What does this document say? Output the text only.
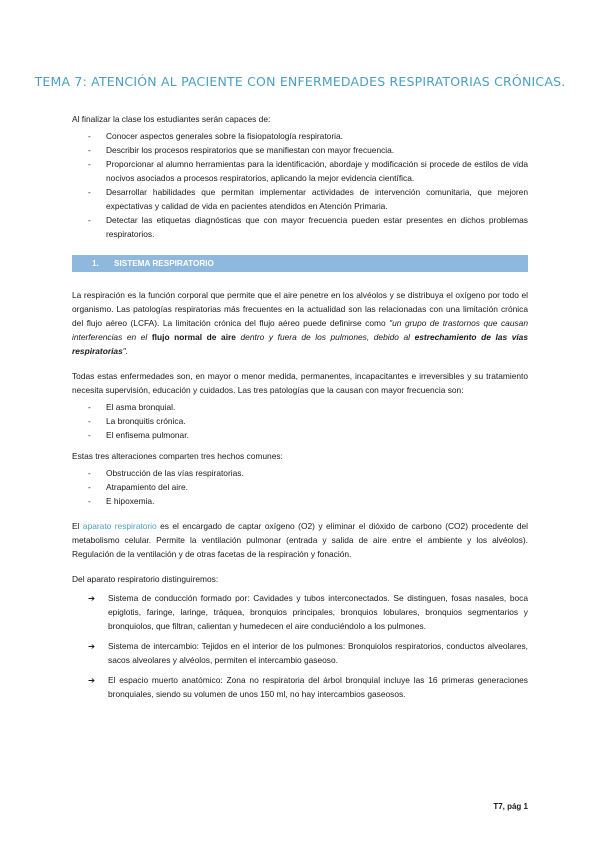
TEMA 7: ATENCIÓN AL PACIENTE CON ENFERMEDADES RESPIRATORIAS CRÓNICAS.

Al finalizar la clase los estudiantes serán capaces de:

- Conocer aspectos generales sobre la fisiopatología respiratoria.
- Describir los procesos respiratorios que se manifiestan con mayor frecuencia.
- Proporcionar al alumno herramientas para la identificación, abordaje y modificación si procede de estilos de vida nocivos asociados a procesos respiratorios, aplicando la mejor evidencia científica.
- Desarrollar habilidades que permitan implementar actividades de intervención comunitaria, que mejoren expectativas y calidad de vida en pacientes atendidos en Atención Primaria.
- Detectar las etiquetas diagnósticas que con mayor frecuencia pueden estar presentes en dichos problemas respiratorios.
1. SISTEMA RESPIRATORIO

La respiración es la función corporal que permite que el aire penetre en los alvéolos y se distribuya el oxígeno por todo el organismo. Las patologías respiratorias más frecuentes en la actualidad son las relacionadas con una limitación crónica del flujo aéreo (LCFA). La limitación crónica del flujo aéreo puede definirse como "un grupo de trastornos que causan interferencias en el flujo normal de aire dentro y fuera de los pulmones, debido al estrechamiento de las vías respiratorias".

Todas estas enfermedades son, en mayor o menor medida, permanentes, incapacitantes e irreversibles y su tratamiento necesita supervisión, educación y cuidados. Las tres patologías que la causan con mayor frecuencia son:

- El asma bronquial.
- La bronquitis crónica.
- El enfisema pulmonar.

Estas tres alteraciones comparten tres hechos comunes:

- Obstrucción de las vías respiratorias.
- Atrapamiento del aire.
- E hipoxemia.

El aparato respiratorio es el encargado de captar oxígeno (O2) y eliminar el dióxido de carbono (CO2) procedente del metabolismo celular. Permite la ventilación pulmonar (entrada y salida de aire entre el ambiente y los alvéolos). Regulación de la ventilación y de otras facetas de la respiración y fonación.

Del aparato respiratorio distinguiremos:

➔ Sistema de conducción formado por: Cavidades y tubos interconectados. Se distinguen, fosas nasales, boca epiglotis, faringe, laringe, tráquea, bronquios principales, bronquios lobulares, bronquios segmentarios y bronquiolos, que filtran, calientan y humedecen el aire conduciéndolo a los pulmones.
➔ Sistema de intercambio: Tejidos en el interior de los pulmones: Bronquiolos respiratorios, conductos alveolares, sacos alveolares y alvéolos, permiten el intercambio gaseoso.
➔ El espacio muerto anatómico: Zona no respiratoria del árbol bronquial incluye las 16 primeras generaciones bronquiales, siendo su volumen de unos 150 ml, no hay intercambios gaseosos.
T7, pág 1
